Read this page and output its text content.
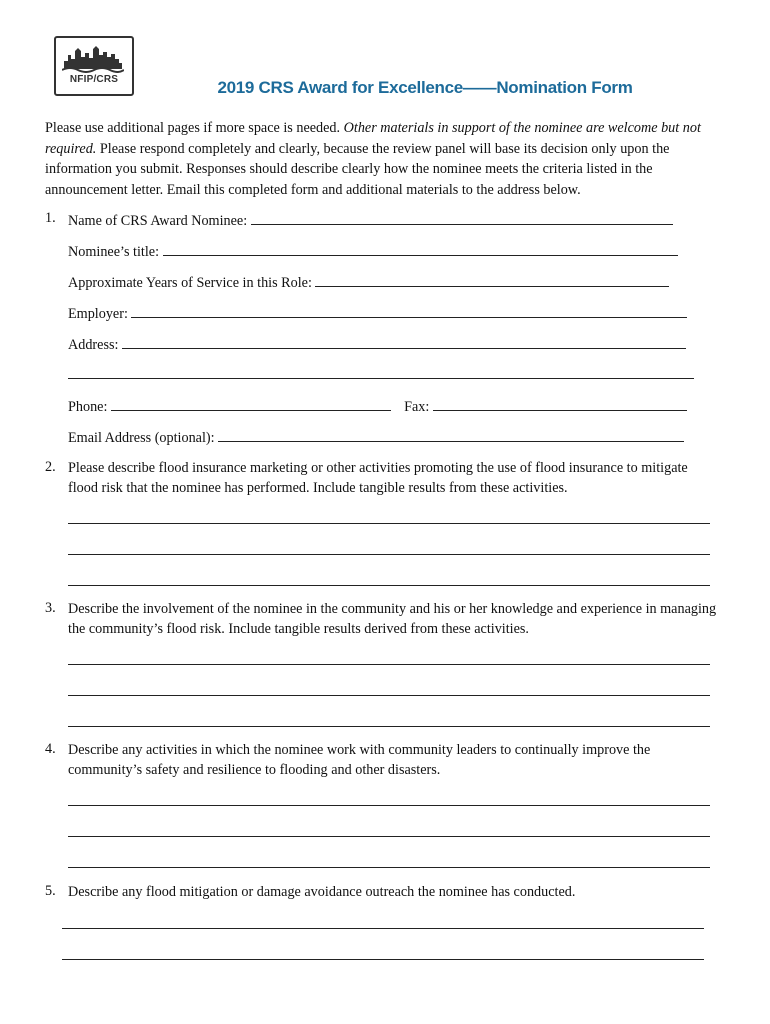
NFIP/CRS	2019 CRS Award for Excellence——Nomination Form
Please use additional pages if more space is needed. Other materials in support of the nominee are welcome but not required. Please respond completely and clearly, because the review panel will base its decision only upon the information you submit. Responses should describe clearly how the nominee meets the criteria listed in the announcement letter. Email this completed form and additional materials to the address below.
1. Name of CRS Award Nominee:
Nominee’s title:
Approximate Years of Service in this Role:
Employer:
Address:
Phone:	Fax:
Email Address (optional):
2. Please describe flood insurance marketing or other activities promoting the use of flood insurance to mitigate flood risk that the nominee has performed. Include tangible results from these activities.
3. Describe the involvement of the nominee in the community and his or her knowledge and experience in managing the community’s flood risk. Include tangible results derived from these activities.
4. Describe any activities in which the nominee work with community leaders to continually improve the community’s safety and resilience to flooding and other disasters.
5. Describe any flood mitigation or damage avoidance outreach the nominee has conducted.
